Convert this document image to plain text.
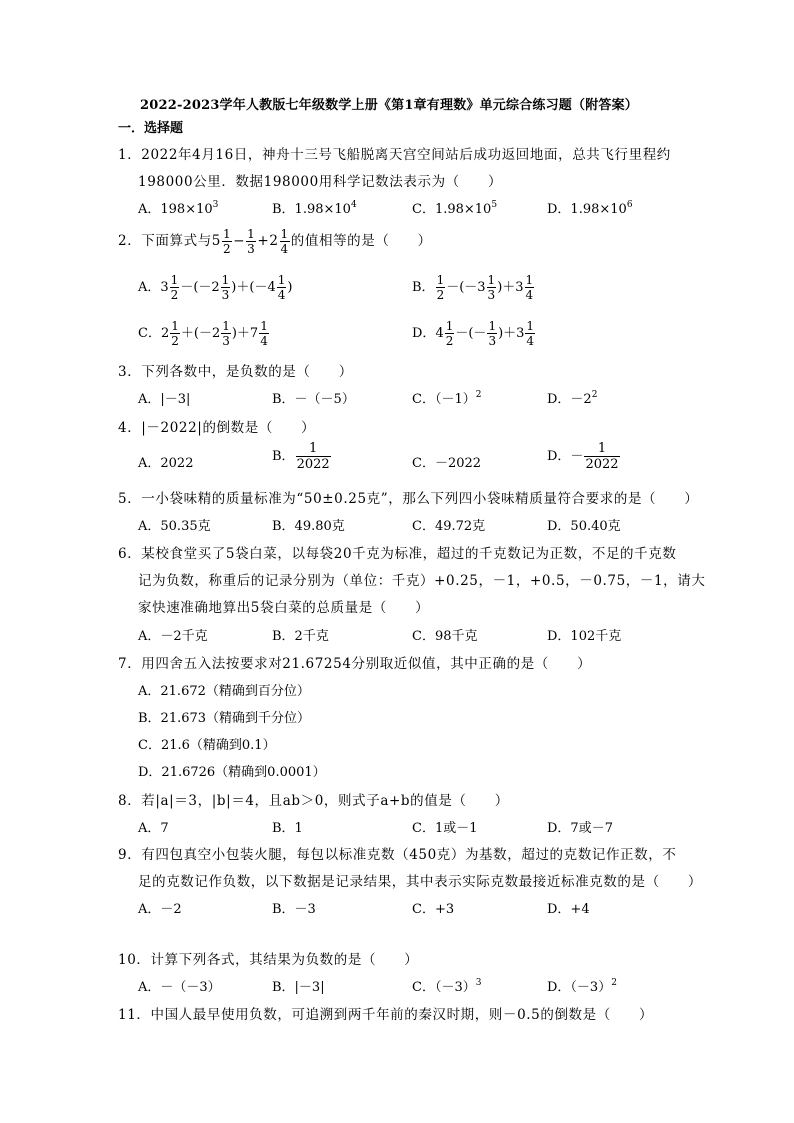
2022-2023学年人教版七年级数学上册《第1章有理数》单元综合练习题（附答案）
一．选择题
1．2022年4月16日，神舟十三号飞船脱离天宫空间站后成功返回地面，总共飞行里程约
198000公里．数据198000用科学记数法表示为（　　）
A．$198\times 10^3$	B．$1.98\times 10^4$	C．$1.98\times 10^5$	D．$1.98\times 10^6$
2．下面算式与$5 \frac{1}{2} - \frac{1}{3} +2 \frac{1}{4}$ 的值相等的是（　　）
A．$3 \frac{1}{2} -(-2 \frac{1}{3} )+(-4 \frac{1}{4}$ )	B． $\frac{1}{2} -(-3 \frac{1}{3} )+3 \frac{1}{4}$
C．$2 \frac{1}{2} +(-2 \frac{1}{3} )+7 \frac{1}{4}$	D．$4 \frac{1}{2}$ －(－ $\frac{1}{3} )+3 \frac{1}{4}$
3．下列各数中，是负数的是（　　）
A．|－3|	B．－（－5）	C．$(-1)^2$	D．$-2^2$
4．|－2022|的倒数是（　　）
A．2022	B． $\frac{1}{2022}$	C．－2022	D．－ $\frac{1}{2022}$
5．一小袋味精的质量标准为“50±0.25克”，那么下列四小袋味精质量符合要求的是（　　）
A．50.35克	B．49.80克	C．49.72克	D．50.40克
6．某校食堂买了5袋白菜，以每袋20千克为标准，超过的千克数记为正数，不足的千克数
记为负数，称重后的记录分别为（单位：千克）+0.25，－1，+0.5，－0.75，－1，请大
家快速准确地算出5袋白菜的总质量是（　　）
A．－2千克	B．2千克	C．98千克	D．102千克
7．用四舍五入法按要求对21.67254分别取近似值，其中正确的是（　　）
A．21.672（精确到百分位）
B．21.673（精确到千分位）
C．21.6（精确到0.1）
D．21.6726（精确到0.0001）
8．若|a|＝3，|b|＝4，且ab＞0，则式子a+b的值是（　　）
A．7	B．1	C．1或－1	D．7或－7
9．有四包真空小包装火腿，每包以标准克数（450克）为基数，超过的克数记作正数，不
足的克数记作负数，以下数据是记录结果，其中表示实际克数最接近标准克数的是（　　）
A．－2	B．－3	C．+3	D．+4
10．计算下列各式，其结果为负数的是（　　）
A．－（－3）	B．|－3|	C．$(-3)^3$	D．$(-3)^2$
11．中国人最早使用负数，可追溯到两千年前的秦汉时期，则－0.5的倒数是（　　）
